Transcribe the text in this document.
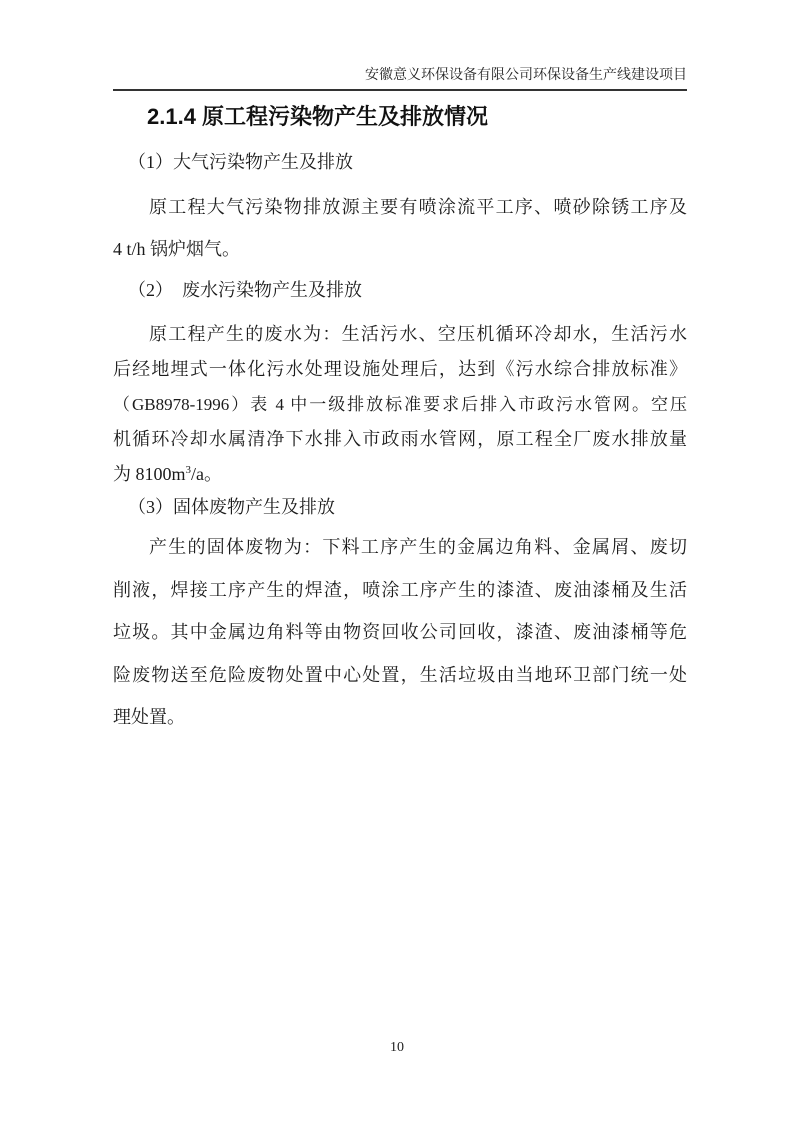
安徽意义环保设备有限公司环保设备生产线建设项目
2.1.4 原工程污染物产生及排放情况
（1）大气污染物产生及排放
原工程大气污染物排放源主要有喷涂流平工序、喷砂除锈工序及
4 t/h 锅炉烟气。
（2）　废水污染物产生及排放
原工程产生的废水为：生活污水、空压机循环冷却水，生活污水
后经地埋式一体化污水处理设施处理后，达到《污水综合排放标准》
（GB8978-1996）表 4 中一级排放标准要求后排入市政污水管网。空压
机循环冷却水属清净下水排入市政雨水管网，原工程全厂废水排放量
为 $8100m^3/a$。
（3）固体废物产生及排放
产生的固体废物为：下料工序产生的金属边角料、金属屑、废切
削液，焊接工序产生的焊渣，喷涂工序产生的漆渣、废油漆桶及生活
垃圾。其中金属边角料等由物资回收公司回收，漆渣、废油漆桶等危
险废物送至危险废物处置中心处置，生活垃圾由当地环卫部门统一处
理处置。
10
